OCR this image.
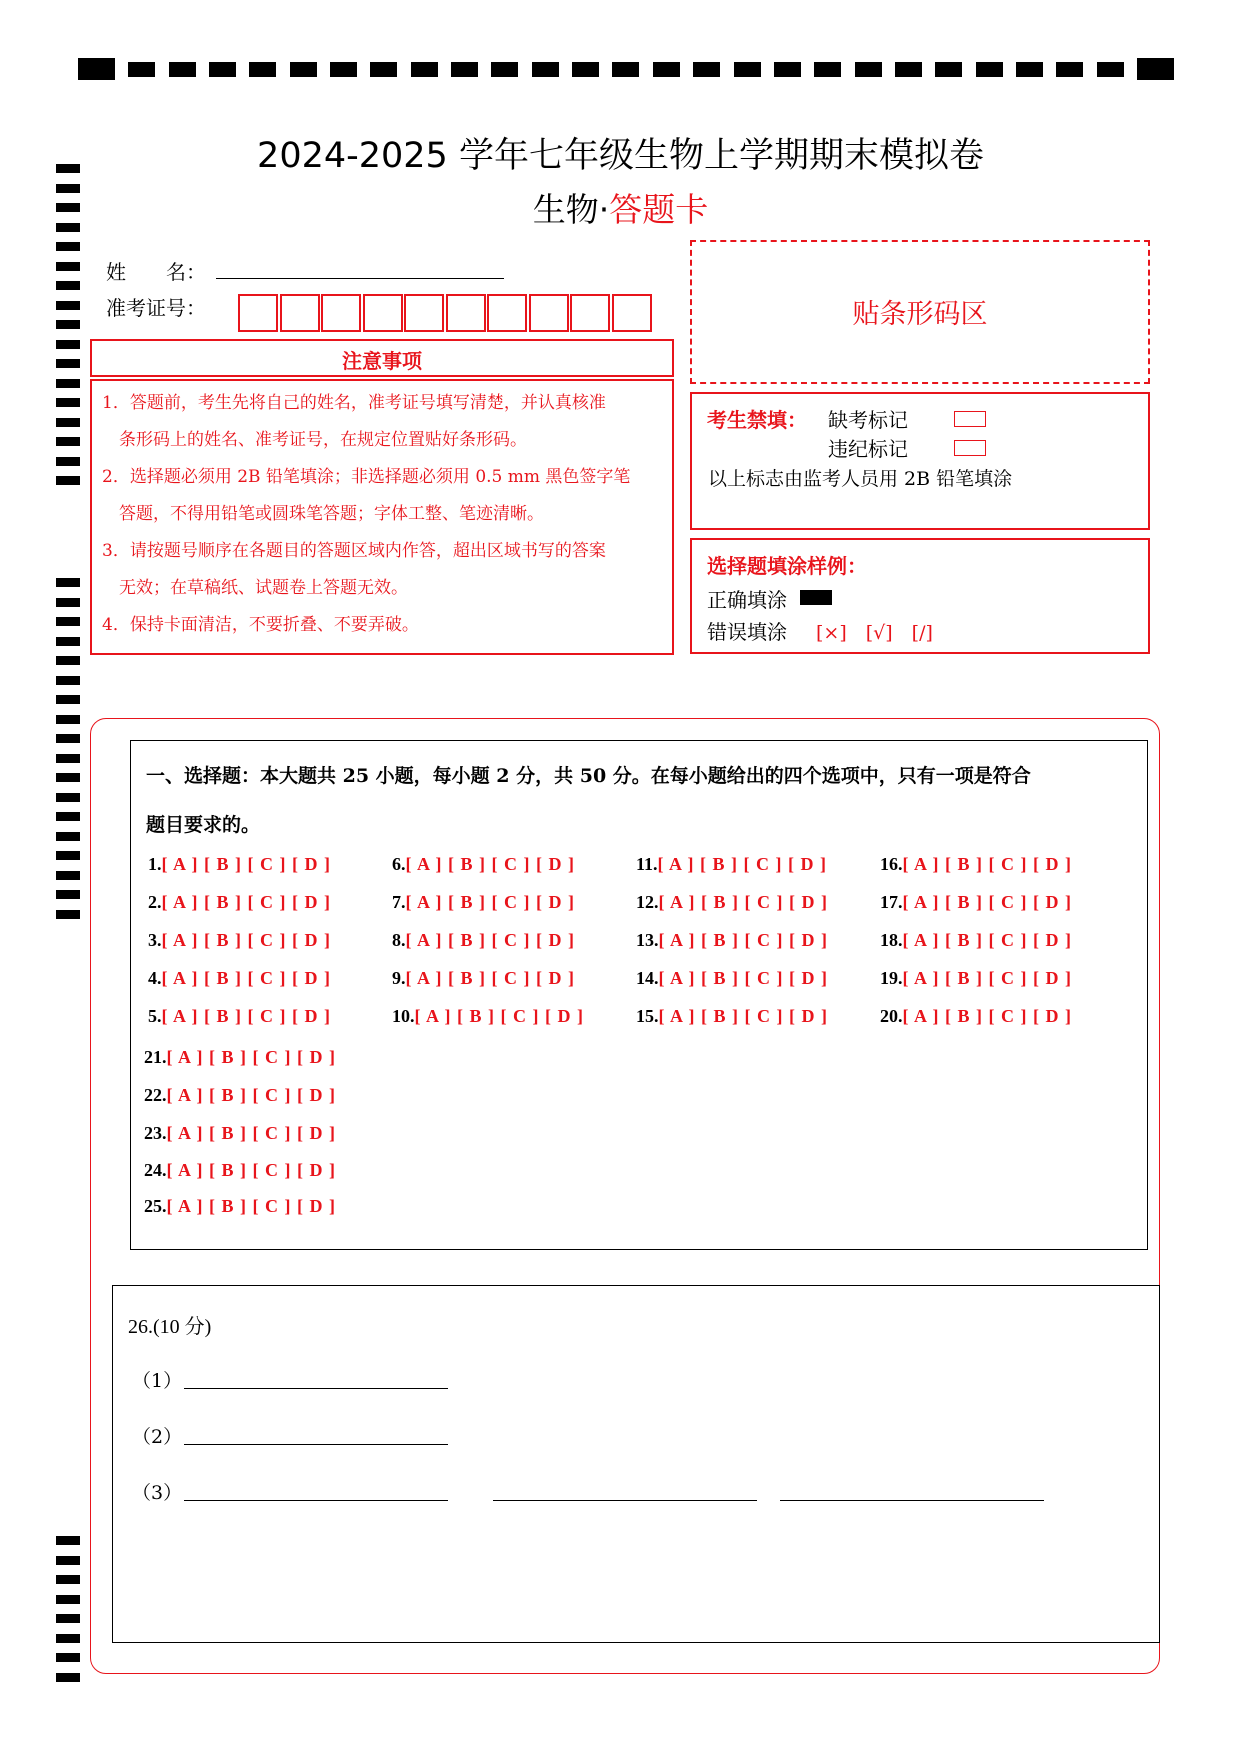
2024-2025 学年七年级生物上学期期末模拟卷
生物·答题卡
姓　　名：
准考证号：
注意事项

1．答题前，考生先将自己的姓名，准考证号填写清楚，并认真核准

　条形码上的姓名、准考证号，在规定位置贴好条形码。

2．选择题必须用 2B 铅笔填涂；非选择题必须用 0.5 mm 黑色签字笔

　答题，不得用铅笔或圆珠笔答题；字体工整、笔迹清晰。

3．请按题号顺序在各题目的答题区域内作答，超出区域书写的答案

　无效；在草稿纸、试题卷上答题无效。

4．保持卡面清洁，不要折叠、不要弄破。

贴条形码区
考生禁填： 缺考标记
违纪标记
以上标志由监考人员用 2B 铅笔填涂
选择题填涂样例：
正确填涂
错误填涂 [×]　[√]　[/]
一、选择题：本大题共 25 小题，每小题 2 分，共 50 分。在每小题给出的四个选项中，只有一项是符合
题目要求的。
1.[ A ] [ B ] [ C ] [ D ]
2.[ A ] [ B ] [ C ] [ D ]
3.[ A ] [ B ] [ C ] [ D ]
4.[ A ] [ B ] [ C ] [ D ]
5.[ A ] [ B ] [ C ] [ D ]
6.[ A ] [ B ] [ C ] [ D ]
7.[ A ] [ B ] [ C ] [ D ]
8.[ A ] [ B ] [ C ] [ D ]
9.[ A ] [ B ] [ C ] [ D ]
10.[ A ] [ B ] [ C ] [ D ]
11.[ A ] [ B ] [ C ] [ D ]
12.[ A ] [ B ] [ C ] [ D ]
13.[ A ] [ B ] [ C ] [ D ]
14.[ A ] [ B ] [ C ] [ D ]
15.[ A ] [ B ] [ C ] [ D ]
16.[ A ] [ B ] [ C ] [ D ]
17.[ A ] [ B ] [ C ] [ D ]
18.[ A ] [ B ] [ C ] [ D ]
19.[ A ] [ B ] [ C ] [ D ]
20.[ A ] [ B ] [ C ] [ D ]
21.[ A ] [ B ] [ C ] [ D ]
22.[ A ] [ B ] [ C ] [ D ]
23.[ A ] [ B ] [ C ] [ D ]
24.[ A ] [ B ] [ C ] [ D ]
25.[ A ] [ B ] [ C ] [ D ]
26.(10 分)
（1）
（2）
（3）
